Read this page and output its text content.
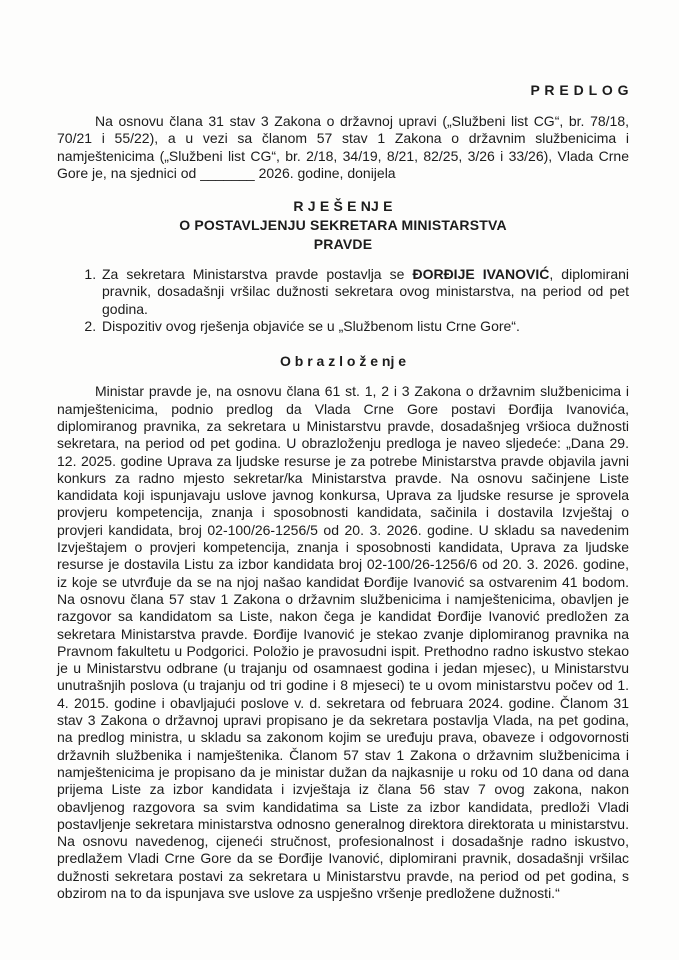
P R E D L O G

Na osnovu člana 31 stav 3 Zakona o državnoj upravi („Službeni list CG“, br. 78/18, 70/21 i 55/22), a u vezi sa članom 57 stav 1 Zakona o državnim službenicima i namještenicima („Službeni list CG“, br. 2/18, 34/19, 8/21, 82/25, 3/26 i 33/26), Vlada Crne Gore je, na sjednici od _______ 2026. godine, donijela

R J E Š E NJ E
O POSTAVLJENJU SEKRETARA MINISTARSTVA
PRAVDE
1. Za sekretara Ministarstva pravde postavlja se ĐORĐIJE IVANOVIĆ, diplomirani pravnik, dosadašnji vršilac dužnosti sekretara ovog ministarstva, na period od pet godina.
2. Dispozitiv ovog rješenja objaviće se u „Službenom listu Crne Gore“.
O b r a z l o ž e nj e

Ministar pravde je, na osnovu člana 61 st. 1, 2 i 3 Zakona o državnim službenicima i namještenicima, podnio predlog da Vlada Crne Gore postavi Đorđija Ivanovića, diplomiranog pravnika, za sekretara u Ministarstvu pravde, dosadašnjeg vršioca dužnosti sekretara, na period od pet godina. U obrazloženju predloga je naveo sljedeće: „Dana 29. 12. 2025. godine Uprava za ljudske resurse je za potrebe Ministarstva pravde objavila javni konkurs za radno mjesto sekretar/ka Ministarstva pravde. Na osnovu sačinjene Liste kandidata koji ispunjavaju uslove javnog konkursa, Uprava za ljudske resurse je sprovela provjeru kompetencija, znanja i sposobnosti kandidata, sačinila i dostavila Izvještaj o provjeri kandidata, broj 02-100/26-1256/5 od 20. 3. 2026. godine. U skladu sa navedenim Izvještajem o provjeri kompetencija, znanja i sposobnosti kandidata, Uprava za ljudske resurse je dostavila Listu za izbor kandidata broj 02-100/26-1256/6 od 20. 3. 2026. godine, iz koje se utvrđuje da se na njoj našao kandidat Đorđije Ivanović sa ostvarenim 41 bodom. Na osnovu člana 57 stav 1 Zakona o državnim službenicima i namještenicima, obavljen je razgovor sa kandidatom sa Liste, nakon čega je kandidat Đorđije Ivanović predložen za sekretara Ministarstva pravde. Đorđije Ivanović je stekao zvanje diplomiranog pravnika na Pravnom fakultetu u Podgorici. Položio je pravosudni ispit. Prethodno radno iskustvo stekao je u Ministarstvu odbrane (u trajanju od osamnaest godina i jedan mjesec), u Ministarstvu unutrašnjih poslova (u trajanju od tri godine i 8 mjeseci) te u ovom ministarstvu počev od 1. 4. 2015. godine i obavljajući poslove v. d. sekretara od februara 2024. godine. Članom 31 stav 3 Zakona o državnoj upravi propisano je da sekretara postavlja Vlada, na pet godina, na predlog ministra, u skladu sa zakonom kojim se uređuju prava, obaveze i odgovornosti državnih službenika i namještenika. Članom 57 stav 1 Zakona o državnim službenicima i namještenicima je propisano da je ministar dužan da najkasnije u roku od 10 dana od dana prijema Liste za izbor kandidata i izvještaja iz člana 56 stav 7 ovog zakona, nakon obavljenog razgovora sa svim kandidatima sa Liste za izbor kandidata, predloži Vladi postavljenje sekretara ministarstva odnosno generalnog direktora direktorata u ministarstvu. Na osnovu navedenog, cijeneći stručnost, profesionalnost i dosadašnje radno iskustvo, predlažem Vladi Crne Gore da se Đorđije Ivanović, diplomirani pravnik, dosadašnji vršilac dužnosti sekretara postavi za sekretara u Ministarstvu pravde, na period od pet godina, s obzirom na to da ispunjava sve uslove za uspješno vršenje predložene dužnosti.“
